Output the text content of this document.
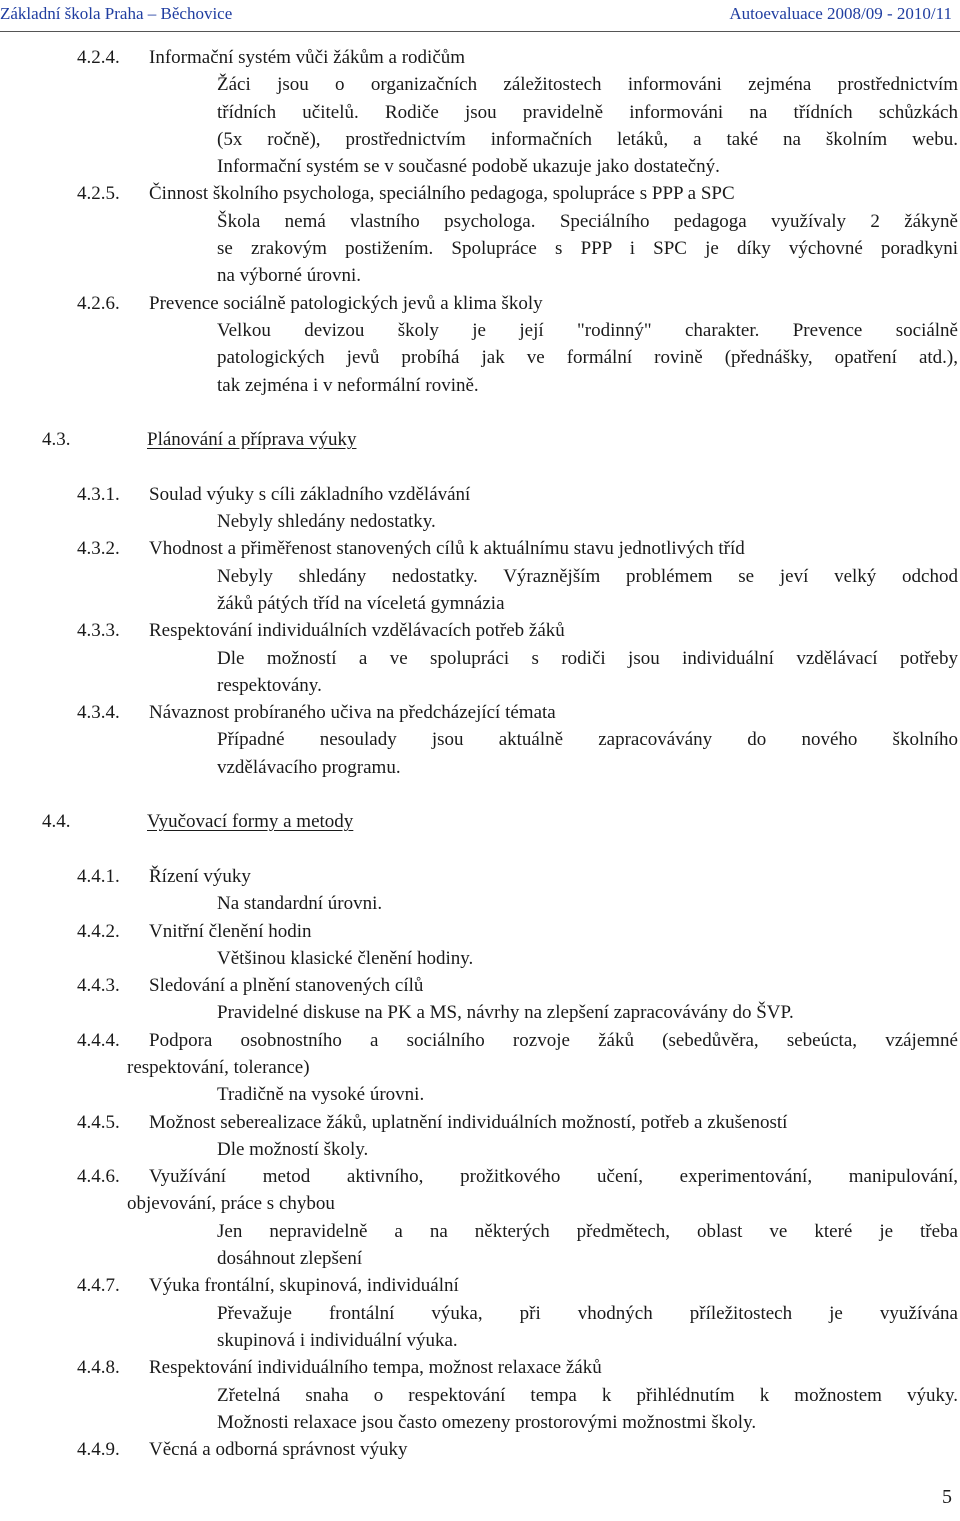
Základní škola Praha – Běchovice	Autoevaluace 2008/09 - 2010/11
4.2.4. Informační systém vůči žákům a rodičům
Žáci jsou o organizačních záležitostech informováni zejména prostřednictvím
třídních učitelů. Rodiče jsou pravidelně informováni na třídních schůzkách
(5x ročně), prostřednictvím informačních letáků, a také na školním webu.
Informační systém se v současné podobě ukazuje jako dostatečný.
4.2.5. Činnost školního psychologa, speciálního pedagoga, spolupráce s PPP a SPC
Škola nemá vlastního psychologa. Speciálního pedagoga využívaly 2 žákyně
se zrakovým postižením. Spolupráce s PPP i SPC je díky výchovné poradkyni
na výborné úrovni.
4.2.6. Prevence sociálně patologických jevů a klima školy
Velkou devizou školy je její "rodinný" charakter. Prevence sociálně
patologických jevů probíhá jak ve formální rovině (přednášky, opatření atd.),
tak zejména i v neformální rovině.
4.3.	Plánování a příprava výuky
4.3.1. Soulad výuky s cíli základního vzdělávání
Nebyly shledány nedostatky.
4.3.2. Vhodnost a přiměřenost stanovených cílů k aktuálnímu stavu jednotlivých tříd
Nebyly shledány nedostatky. Výraznějším problémem se jeví velký odchod
žáků pátých tříd na víceletá gymnázia
4.3.3. Respektování individuálních vzdělávacích potřeb žáků
Dle možností a ve spolupráci s rodiči jsou individuální vzdělávací potřeby
respektovány.
4.3.4. Návaznost probíraného učiva na předcházející témata
Případné nesoulady jsou aktuálně zapracovávány do nového školního
vzdělávacího programu.
4.4.	Vyučovací formy a metody
4.4.1. Řízení výuky
Na standardní úrovni.
4.4.2. Vnitřní členění hodin
Většinou klasické členění hodiny.
4.4.3. Sledování a plnění stanovených cílů
Pravidelné diskuse na PK a MS, návrhy na zlepšení zapracovávány do ŠVP.
4.4.4. Podpora osobnostního a sociálního rozvoje žáků (sebedůvěra, sebeúcta, vzájemné
respektování, tolerance)
Tradičně na vysoké úrovni.
4.4.5. Možnost seberealizace žáků, uplatnění individuálních možností, potřeb a zkušeností
Dle možností školy.
4.4.6. Využívání metod aktivního, prožitkového učení, experimentování, manipulování,
objevování, práce s chybou
Jen nepravidelně a na některých předmětech, oblast ve které je třeba
dosáhnout zlepšení
4.4.7. Výuka frontální, skupinová, individuální
Převažuje frontální výuka, při vhodných příležitostech je využívána
skupinová i individuální výuka.
4.4.8. Respektování individuálního tempa, možnost relaxace žáků
Zřetelná snaha o respektování tempa k přihlédnutím k možnostem výuky.
Možnosti relaxace jsou často omezeny prostorovými možnostmi školy.
4.4.9. Věcná a odborná správnost výuky
5
